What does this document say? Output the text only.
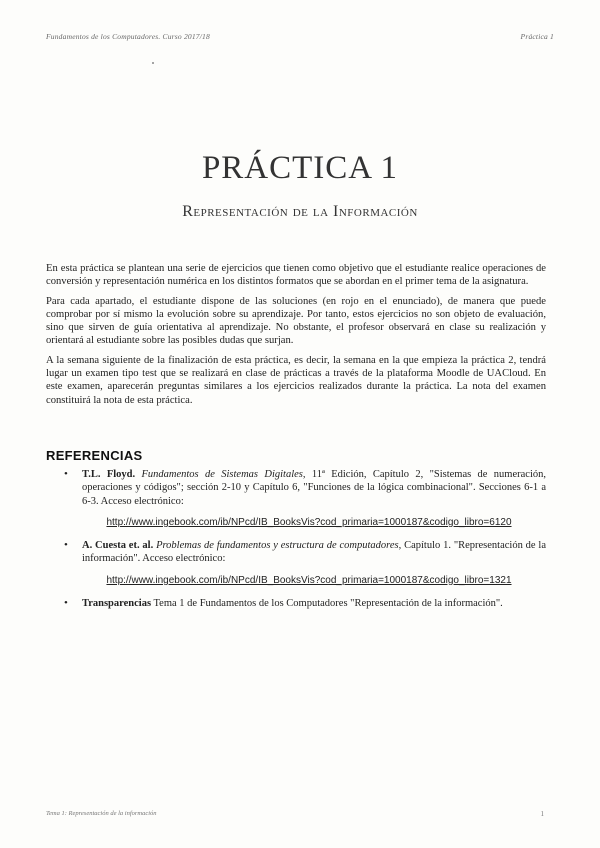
Fundamentos de los Computadores. Curso 2017/18	Práctica 1
PRÁCTICA 1
Representación de la Información

En esta práctica se plantean una serie de ejercicios que tienen como objetivo que el estudiante realice operaciones de conversión y representación numérica en los distintos formatos que se abordan en el primer tema de la asignatura.

Para cada apartado, el estudiante dispone de las soluciones (en rojo en el enunciado), de manera que puede comprobar por sí mismo la evolución sobre su aprendizaje. Por tanto, estos ejercicios no son objeto de evaluación, sino que sirven de guía orientativa al aprendizaje. No obstante, el profesor observará en clase su realización y orientará al estudiante sobre las posibles dudas que surjan.

A la semana siguiente de la finalización de esta práctica, es decir, la semana en la que empieza la práctica 2, tendrá lugar un examen tipo test que se realizará en clase de prácticas a través de la plataforma Moodle de UACloud. En este examen, aparecerán preguntas similares a los ejercicios realizados durante la práctica. La nota del examen constituirá la nota de esta práctica.

REFERENCIAS
• T.L. Floyd. Fundamentos de Sistemas Digitales, 11ª Edición, Capítulo 2, "Sistemas de numeración, operaciones y códigos"; sección 2-10 y Capítulo 6, "Funciones de la lógica combinacional". Secciones 6-1 a 6-3. Acceso electrónico:
http://www.ingebook.com/ib/NPcd/IB_BooksVis?cod_primaria=1000187&codigo_libro=6120
• A. Cuesta et. al. Problemas de fundamentos y estructura de computadores, Capítulo 1. "Representación de la información". Acceso electrónico:
http://www.ingebook.com/ib/NPcd/IB_BooksVis?cod_primaria=1000187&codigo_libro=1321
• Transparencias Tema 1 de Fundamentos de los Computadores "Representación de la información".
Tema 1: Representación de la información	1
